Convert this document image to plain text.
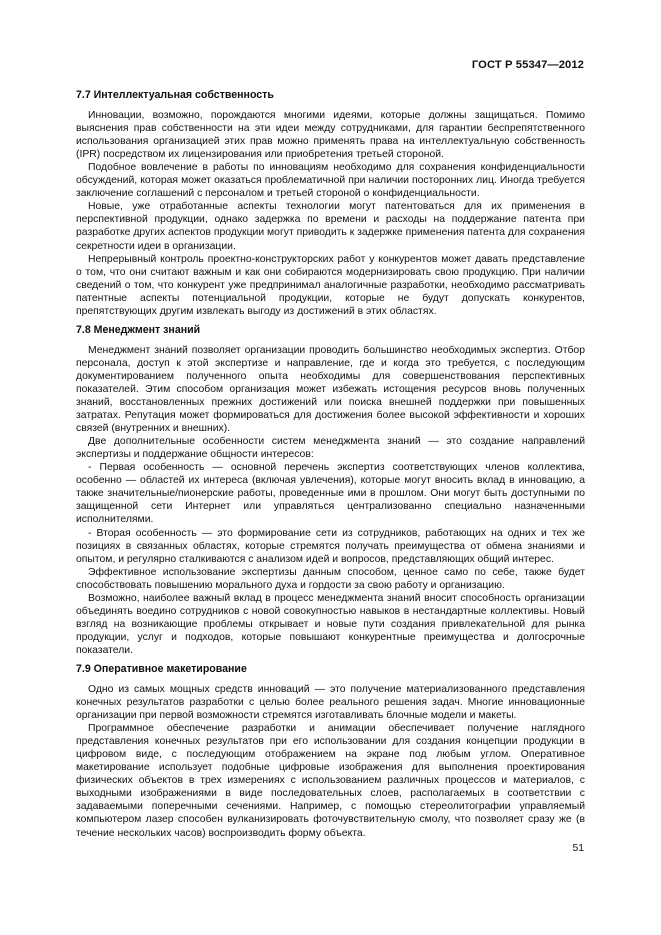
ГОСТ Р 55347—2012
7.7 Интеллектуальная собственность

Инновации, возможно, порождаются многими идеями, которые должны защищаться. Помимо выяснения прав собственности на эти идеи между сотрудниками, для гарантии беспрепятственного использования организацией этих прав можно применять права на интеллектуальную собственность (IPR) посредством их лицензирования или приобретения третьей стороной.

Подобное вовлечение в работы по инновациям необходимо для сохранения конфиденциальности обсуждений, которая может оказаться проблематичной при наличии посторонних лиц. Иногда требуется заключение соглашений с персоналом и третьей стороной о конфиденциальности.

Новые, уже отработанные аспекты технологии могут патентоваться для их применения в перспективной продукции, однако задержка по времени и расходы на поддержание патента при разработке других аспектов продукции могут приводить к задержке применения патента для сохранения секретности идеи в организации.

Непрерывный контроль проектно-конструкторских работ у конкурентов может давать представление о том, что они считают важным и как они собираются модернизировать свою продукцию. При наличии сведений о том, что конкурент уже предпринимал аналогичные разработки, необходимо рассматривать патентные аспекты потенциальной продукции, которые не будут допускать конкурентов, препятствующих другим извлекать выгоду из достижений в этих областях.

7.8 Менеджмент знаний

Менеджмент знаний позволяет организации проводить большинство необходимых экспертиз. Отбор персонала, доступ к этой экспертизе и направление, где и когда это требуется, с последующим документированием полученного опыта необходимы для совершенствования перспективных показателей. Этим способом организация может избежать истощения ресурсов вновь полученных знаний, восстановленных прежних достижений или поиска внешней поддержки при повышенных затратах. Репутация может формироваться для достижения более высокой эффективности и хороших связей (внутренних и внешних).

Две дополнительные особенности систем менеджмента знаний — это создание направлений экспертизы и поддержание общности интересов:

- Первая особенность — основной перечень экспертиз соответствующих членов коллектива, особенно — областей их интереса (включая увлечения), которые могут вносить вклад в инновацию, а также значительные/пионерские работы, проведенные ими в прошлом. Они могут быть доступными по защищенной сети Интернет или управляться централизованно специально назначенными исполнителями.

- Вторая особенность — это формирование сети из сотрудников, работающих на одних и тех же позициях в связанных областях, которые стремятся получать преимущества от обмена знаниями и опытом, и регулярно сталкиваются с анализом идей и вопросов, представляющих общий интерес.

Эффективное использование экспертизы данным способом, ценное само по себе, также будет способствовать повышению морального духа и гордости за свою работу и организацию.

Возможно, наиболее важный вклад в процесс менеджмента знаний вносит способность организации объединять воедино сотрудников с новой совокупностью навыков в нестандартные коллективы. Новый взгляд на возникающие проблемы открывает и новые пути создания привлекательной для рынка продукции, услуг и подходов, которые повышают конкурентные преимущества и долгосрочные показатели.

7.9 Оперативное макетирование

Одно из самых мощных средств инноваций — это получение материализованного представления конечных результатов разработки с целью более реального решения задач. Многие инновационные организации при первой возможности стремятся изготавливать блочные модели и макеты.

Программное обеспечение разработки и анимации обеспечивает получение наглядного представления конечных результатов при его использовании для создания концепции продукции в цифровом виде, с последующим отображением на экране под любым углом. Оперативное макетирование использует подобные цифровые изображения для выполнения проектирования физических объектов в трех измерениях с использованием различных процессов и материалов, с выходными изображениями в виде последовательных слоев, располагаемых в соответствии с задаваемыми поперечными сечениями. Например, с помощью стереолитографии управляемый компьютером лазер способен вулканизировать фоточувствительную смолу, что позволяет сразу же (в течение нескольких часов) воспроизводить форму объекта.

51
